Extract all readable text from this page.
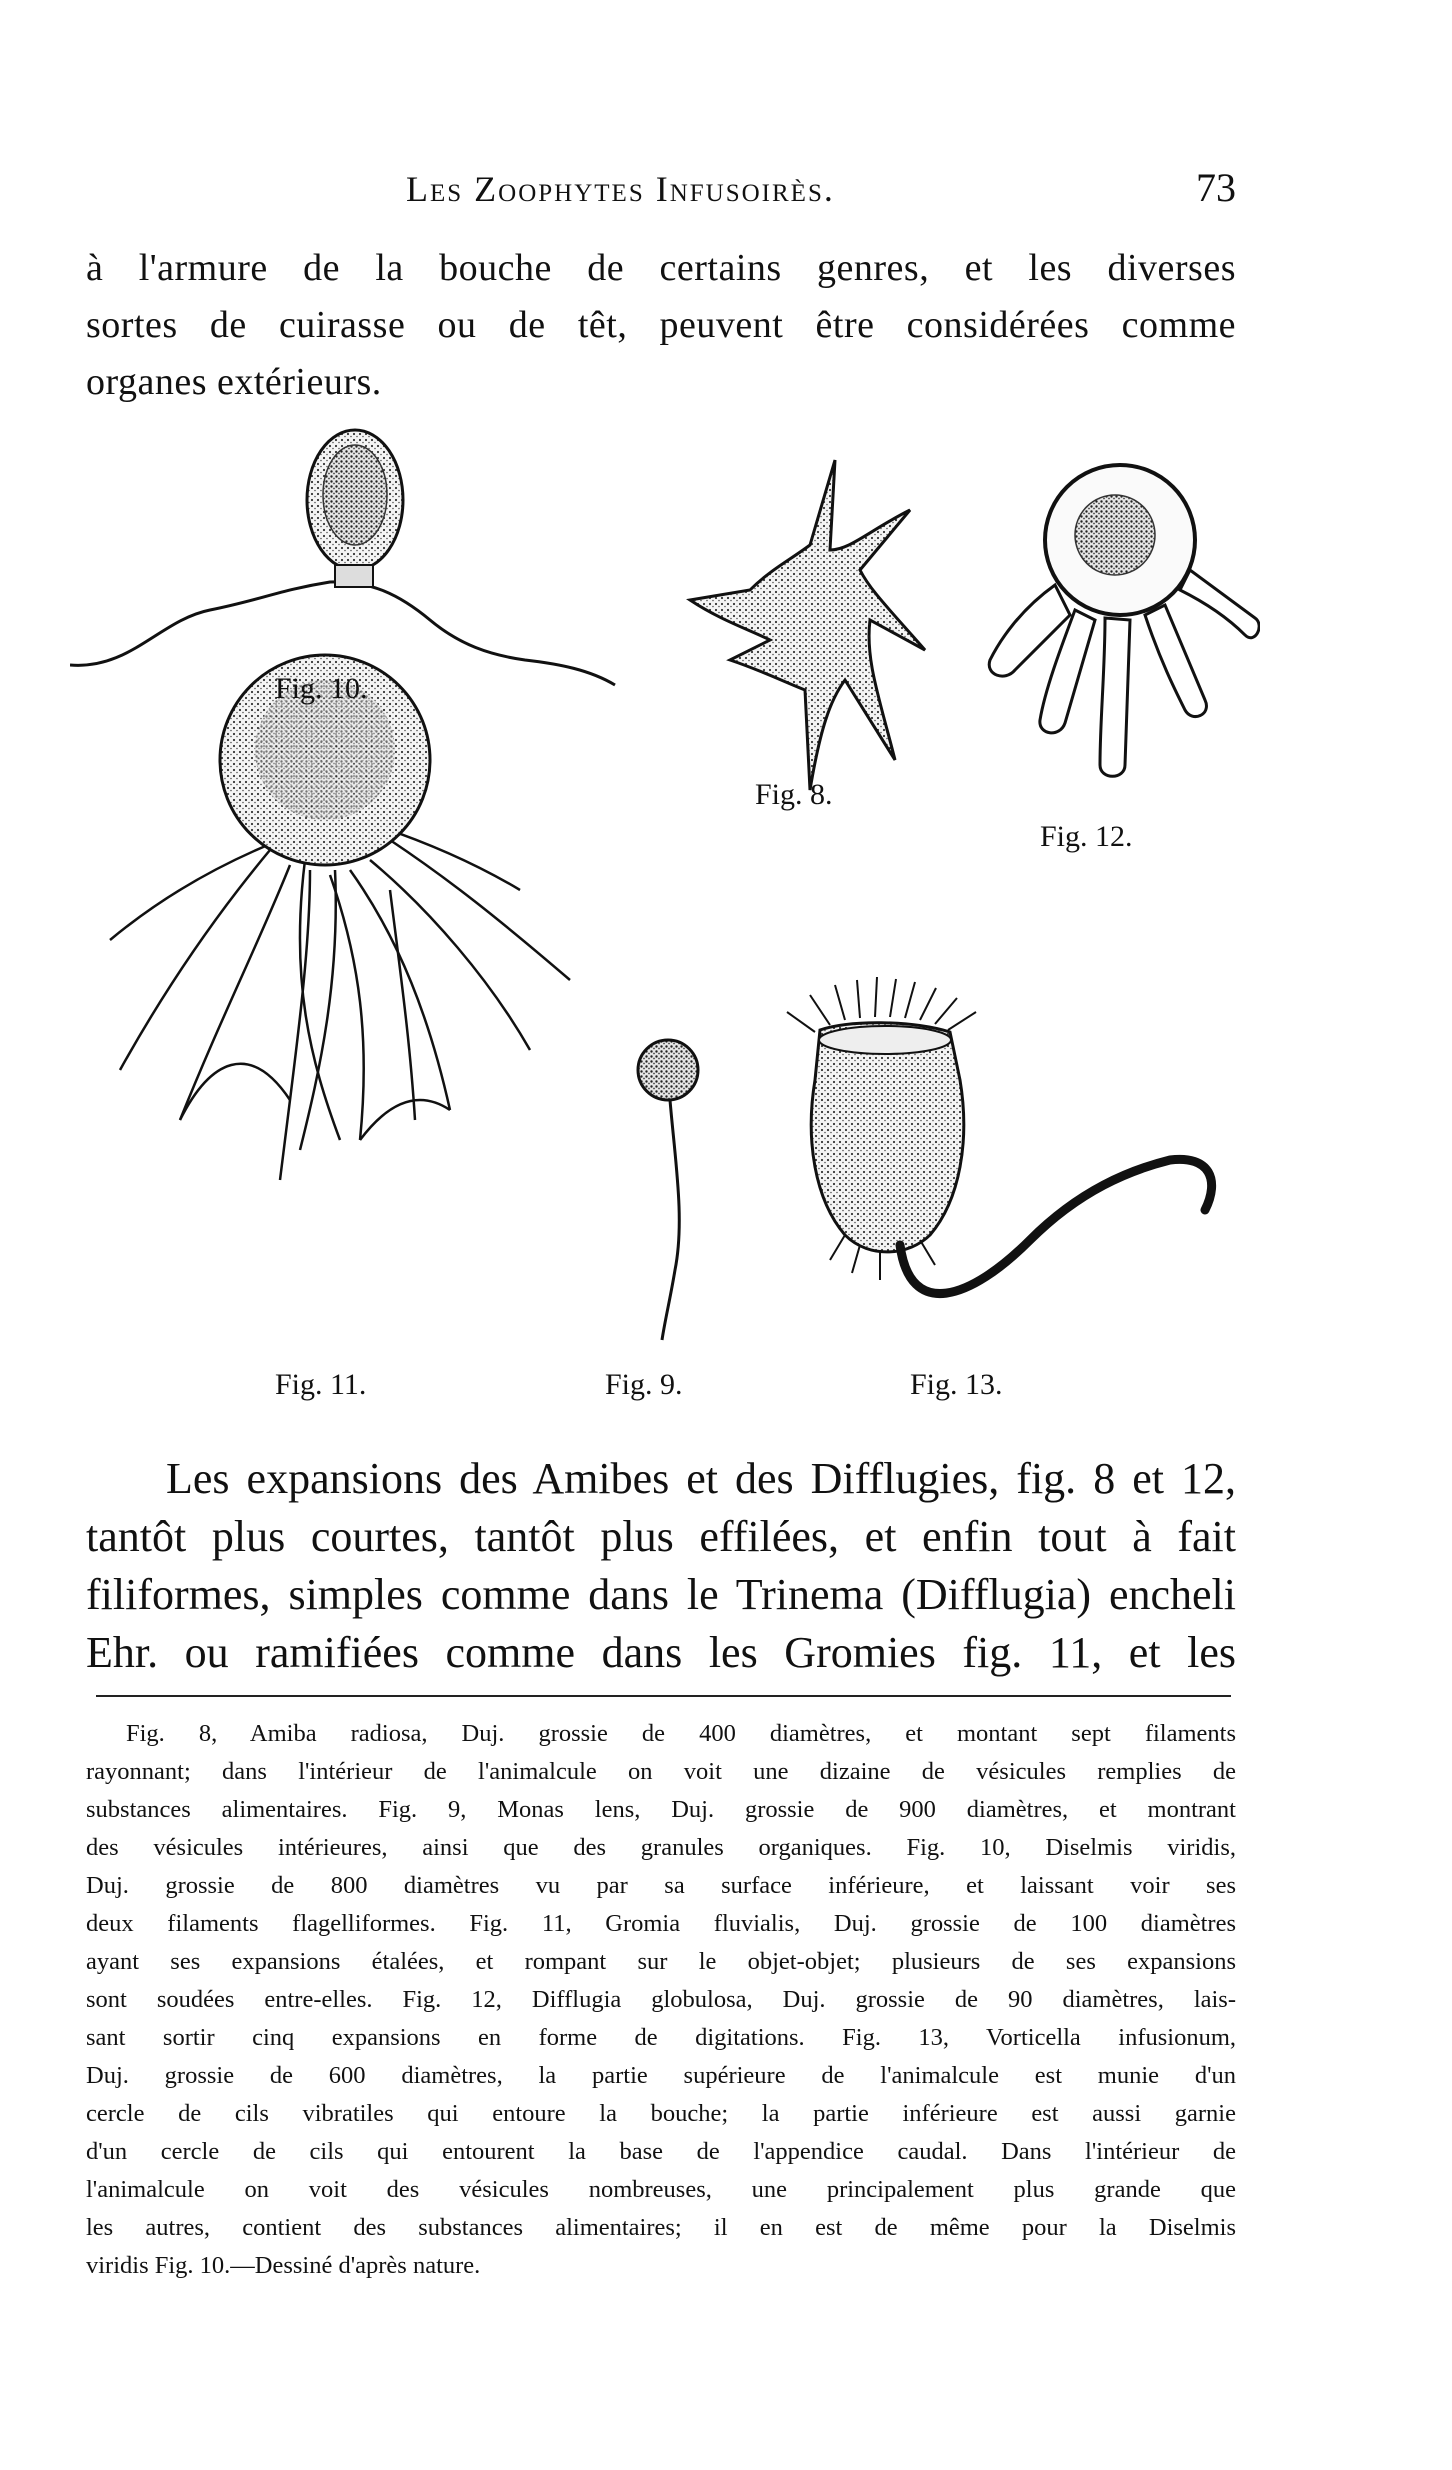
Les Zoophytes Infusoirès.	73
à l'armure de la bouche de certains genres, et les diverses
sortes de cuirasse ou de têt, peuvent être considérées comme
organes extérieurs.
Fig. 10.
Fig. 8.
Fig. 12.
Fig. 11.	Fig. 9.	Fig. 13.
Les expansions des Amibes et des Difflugies, fig. 8 et 12,
tantôt plus courtes, tantôt plus effilées, et enfin tout à fait
filiformes, simples comme dans le Trinema (Difflugia) encheli
Ehr. ou ramifiées comme dans les Gromies fig. 11, et les
Fig. 8, Amiba radiosa, Duj. grossie de 400 diamètres, et montant sept filaments
rayonnant; dans l'intérieur de l'animalcule on voit une dizaine de vésicules remplies de
substances alimentaires. Fig. 9, Monas lens, Duj. grossie de 900 diamètres, et montrant
des vésicules intérieures, ainsi que des granules organiques. Fig. 10, Diselmis viridis,
Duj. grossie de 800 diamètres vu par sa surface inférieure, et laissant voir ses
deux filaments flagelliformes. Fig. 11, Gromia fluvialis, Duj. grossie de 100 diamètres
ayant ses expansions étalées, et rompant sur le objet-objet; plusieurs de ses expansions
sont soudées entre-elles. Fig. 12, Difflugia globulosa, Duj. grossie de 90 diamètres, lais-
sant sortir cinq expansions en forme de digitations. Fig. 13, Vorticella infusionum,
Duj. grossie de 600 diamètres, la partie supérieure de l'animalcule est munie d'un
cercle de cils vibratiles qui entoure la bouche; la partie inférieure est aussi garnie
d'un cercle de cils qui entourent la base de l'appendice caudal. Dans l'intérieur de
l'animalcule on voit des vésicules nombreuses, une principalement plus grande que
les autres, contient des substances alimentaires; il en est de même pour la Diselmis
viridis Fig. 10.—Dessiné d'après nature.
